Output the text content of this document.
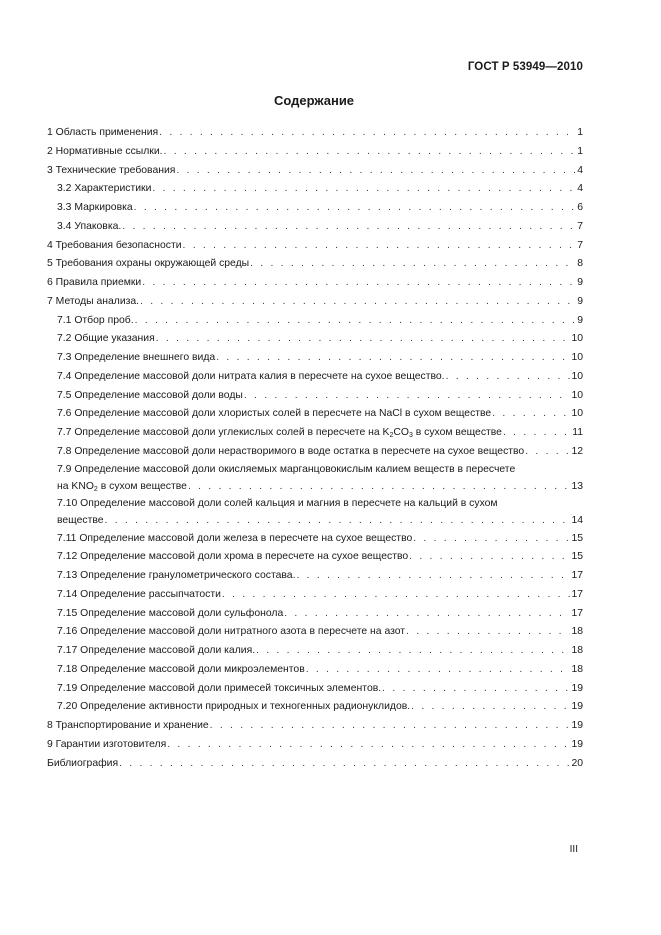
ГОСТ Р 53949—2010
Содержание
1 Область применения . . .	1
2 Нормативные ссылки. . . .	1
3 Технические требования . . .	4
3.2 Характеристики . . .	4
3.3 Маркировка . . .	6
3.4 Упаковка. . . .	7
4 Требования безопасности . . .	7
5 Требования охраны окружающей среды . . .	8
6 Правила приемки . . .	9
7 Методы анализа. . . .	9
7.1 Отбор проб. . . .	9
7.2 Общие указания . . .	10
7.3 Определение внешнего вида . . .	10
7.4 Определение массовой доли нитрата калия в пересчете на сухое вещество. . . .	10
7.5 Определение массовой доли воды . . .	10
7.6 Определение массовой доли хлористых солей в пересчете на NaCl в сухом веществе . . .	10
7.7 Определение массовой доли углекислых солей в пересчете на $K_2CO_3$ в сухом веществе . . .	11
7.8 Определение массовой доли нерастворимого в воде остатка в пересчете на сухое вещество . . .	12
7.9 Определение массовой доли окисляемых марганцовокислым калием веществ в пересчете
на $KNO_2$ в сухом веществе . . .	13
7.10 Определение массовой доли солей кальция и магния в пересчете на кальций в сухом
веществе . . .	14
7.11 Определение массовой доли железа в пересчете на сухое вещество . . .	15
7.12 Определение массовой доли хрома в пересчете на сухое вещество . . .	15
7.13 Определение гранулометрического состава. . . .	17
7.14 Определение рассыпчатости . . .	17
7.15 Определение массовой доли сульфонола . . .	17
7.16 Определение массовой доли нитратного азота в пересчете на азот . . .	18
7.17 Определение массовой доли калия. . . .	18
7.18 Определение массовой доли микроэлементов . . .	18
7.19 Определение массовой доли примесей токсичных элементов. . . .	19
7.20 Определение активности природных и техногенных радионуклидов. . . .	19
8 Транспортирование и хранение . . .	19
9 Гарантии изготовителя . . .	19
Библиография . . .	20
III
